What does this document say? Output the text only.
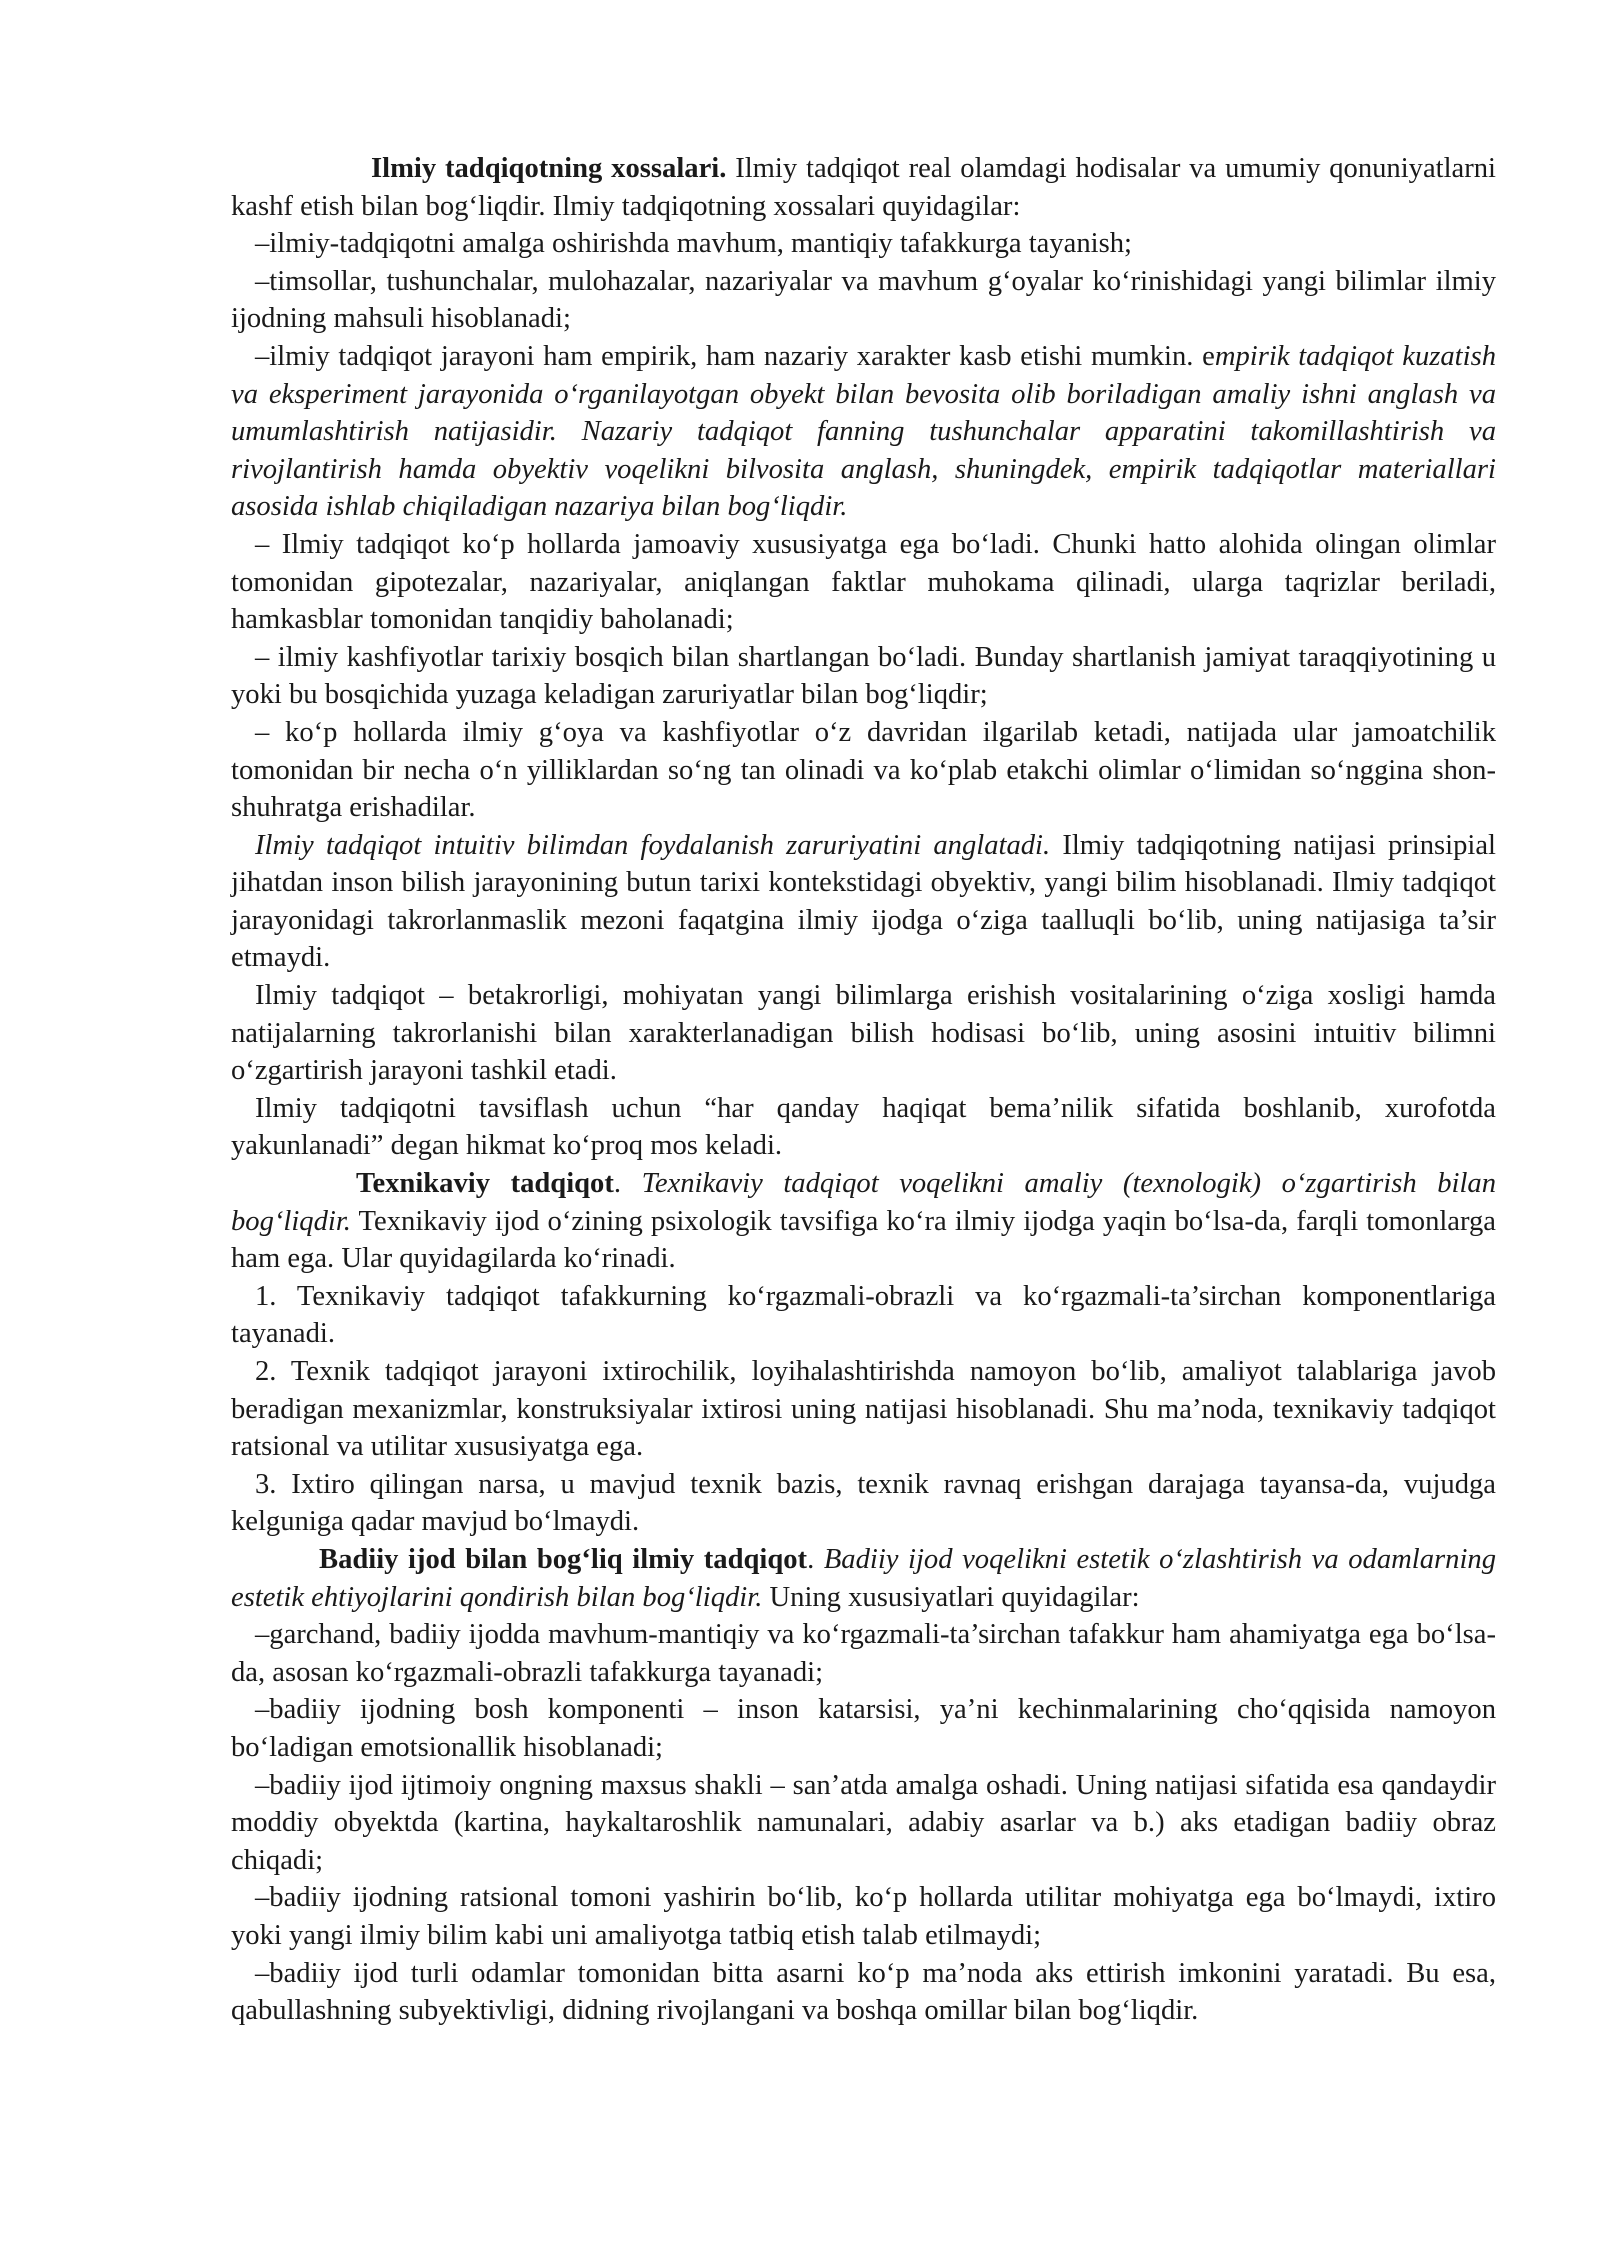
Ilmiy tadqiqotning xossalari. Ilmiy tadqiqot real olamdagi hodisalar va umumiy qonuniyatlarni kashf etish bilan bog‘liqdir. Ilmiy tadqiqotning xossalari quyidagilar:

–ilmiy-tadqiqotni amalga oshirishda mavhum, mantiqiy tafakkurga tayanish;

–timsollar, tushunchalar, mulohazalar, nazariyalar va mavhum g‘oyalar ko‘rinishidagi yangi bilimlar ilmiy ijodning mahsuli hisoblanadi;

–ilmiy tadqiqot jarayoni ham empirik, ham nazariy xarakter kasb etishi mumkin. empirik tadqiqot kuzatish va eksperiment jarayonida o‘rganilayotgan obyekt bilan bevosita olib boriladigan amaliy ishni anglash va umumlashtirish natijasidir. Nazariy tadqiqot fanning tushunchalar apparatini takomillashtirish va rivojlantirish hamda obyektiv voqelikni bilvosita anglash, shuningdek, empirik tadqiqotlar materiallari asosida ishlab chiqiladigan nazariya bilan bog‘liqdir.

– Ilmiy tadqiqot ko‘p hollarda jamoaviy xususiyatga ega bo‘ladi. Chunki hatto alohida olingan olimlar tomonidan gipotezalar, nazariyalar, aniqlangan faktlar muhokama qilinadi, ularga taqrizlar beriladi, hamkasblar tomonidan tanqidiy baholanadi;

– ilmiy kashfiyotlar tarixiy bosqich bilan shartlangan bo‘ladi. Bunday shartlanish jamiyat taraqqiyotining u yoki bu bosqichida yuzaga keladigan zaruriyatlar bilan bog‘liqdir;

– ko‘p hollarda ilmiy g‘oya va kashfiyotlar o‘z davridan ilgarilab ketadi, natijada ular jamoatchilik tomonidan bir necha o‘n yilliklardan so‘ng tan olinadi va ko‘plab etakchi olimlar o‘limidan so‘nggina shon-shuhratga erishadilar.

Ilmiy tadqiqot intuitiv bilimdan foydalanish zaruriyatini anglatadi. Ilmiy tadqiqotning natijasi prinsipial jihatdan inson bilish jarayonining butun tarixi kontekstidagi obyektiv, yangi bilim hisoblanadi. Ilmiy tadqiqot jarayonidagi takrorlanmaslik mezoni faqatgina ilmiy ijodga o‘ziga taalluqli bo‘lib, uning natijasiga ta’sir etmaydi.

Ilmiy tadqiqot – betakrorligi, mohiyatan yangi bilimlarga erishish vositalarining o‘ziga xosligi hamda natijalarning takrorlanishi bilan xarakterlanadigan bilish hodisasi bo‘lib, uning asosini intuitiv bilimni o‘zgartirish jarayoni tashkil etadi.

Ilmiy tadqiqotni tavsiflash uchun “har qanday haqiqat bema’nilik sifatida boshlanib, xurofotda yakunlanadi” degan hikmat ko‘proq mos keladi.

Texnikaviy tadqiqot. Texnikaviy tadqiqot voqelikni amaliy (texnologik) o‘zgartirish bilan bog‘liqdir. Texnikaviy ijod o‘zining psixologik tavsifiga ko‘ra ilmiy ijodga yaqin bo‘lsa-da, farqli tomonlarga ham ega. Ular quyidagilarda ko‘rinadi.

1. Texnikaviy tadqiqot tafakkurning ko‘rgazmali-obrazli va ko‘rgazmali-ta’sirchan komponentlariga tayanadi.

2. Texnik tadqiqot jarayoni ixtirochilik, loyihalashtirishda namoyon bo‘lib, amaliyot talablariga javob beradigan mexanizmlar, konstruksiyalar ixtirosi uning natijasi hisoblanadi. Shu ma’noda, texnikaviy tadqiqot ratsional va utilitar xususiyatga ega.

3. Ixtiro qilingan narsa, u mavjud texnik bazis, texnik ravnaq erishgan darajaga tayansa-da, vujudga kelguniga qadar mavjud bo‘lmaydi.

Badiiy ijod bilan bog‘liq ilmiy tadqiqot. Badiiy ijod voqelikni estetik o‘zlashtirish va odamlarning estetik ehtiyojlarini qondirish bilan bog‘liqdir. Uning xususiyatlari quyidagilar:

–garchand, badiiy ijodda mavhum-mantiqiy va ko‘rgazmali-ta’sirchan tafakkur ham ahamiyatga ega bo‘lsa-da, asosan ko‘rgazmali-obrazli tafakkurga tayanadi;

–badiiy ijodning bosh komponenti – inson katarsisi, ya’ni kechinmalarining cho‘qqisida namoyon bo‘ladigan emotsionallik hisoblanadi;

–badiiy ijod ijtimoiy ongning maxsus shakli – san’atda amalga oshadi. Uning natijasi sifatida esa qandaydir moddiy obyektda (kartina, haykaltaroshlik namunalari, adabiy asarlar va b.) aks etadigan badiiy obraz chiqadi;

–badiiy ijodning ratsional tomoni yashirin bo‘lib, ko‘p hollarda utilitar mohiyatga ega bo‘lmaydi, ixtiro yoki yangi ilmiy bilim kabi uni amaliyotga tatbiq etish talab etilmaydi;

–badiiy ijod turli odamlar tomonidan bitta asarni ko‘p ma’noda aks ettirish imkonini yaratadi. Bu esa, qabullashning subyektivligi, didning rivojlangani va boshqa omillar bilan bog‘liqdir.
